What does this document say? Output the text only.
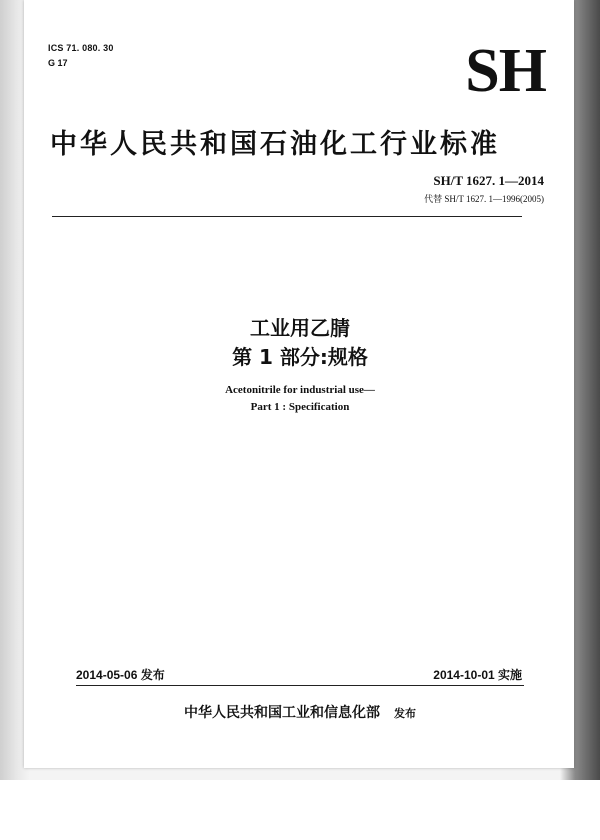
ICS 71. 080. 30
G 17	SH
中华人民共和国石油化工行业标准
SH/T 1627. 1—2014
代替 SH/T 1627. 1—1996(2005)
工业用乙腈
第 1 部分:规格
Acetonitrile for industrial use—
Part 1 : Specification
2014-05-06 发布	2014-10-01 实施
中华人民共和国工业和信息化部 发布
